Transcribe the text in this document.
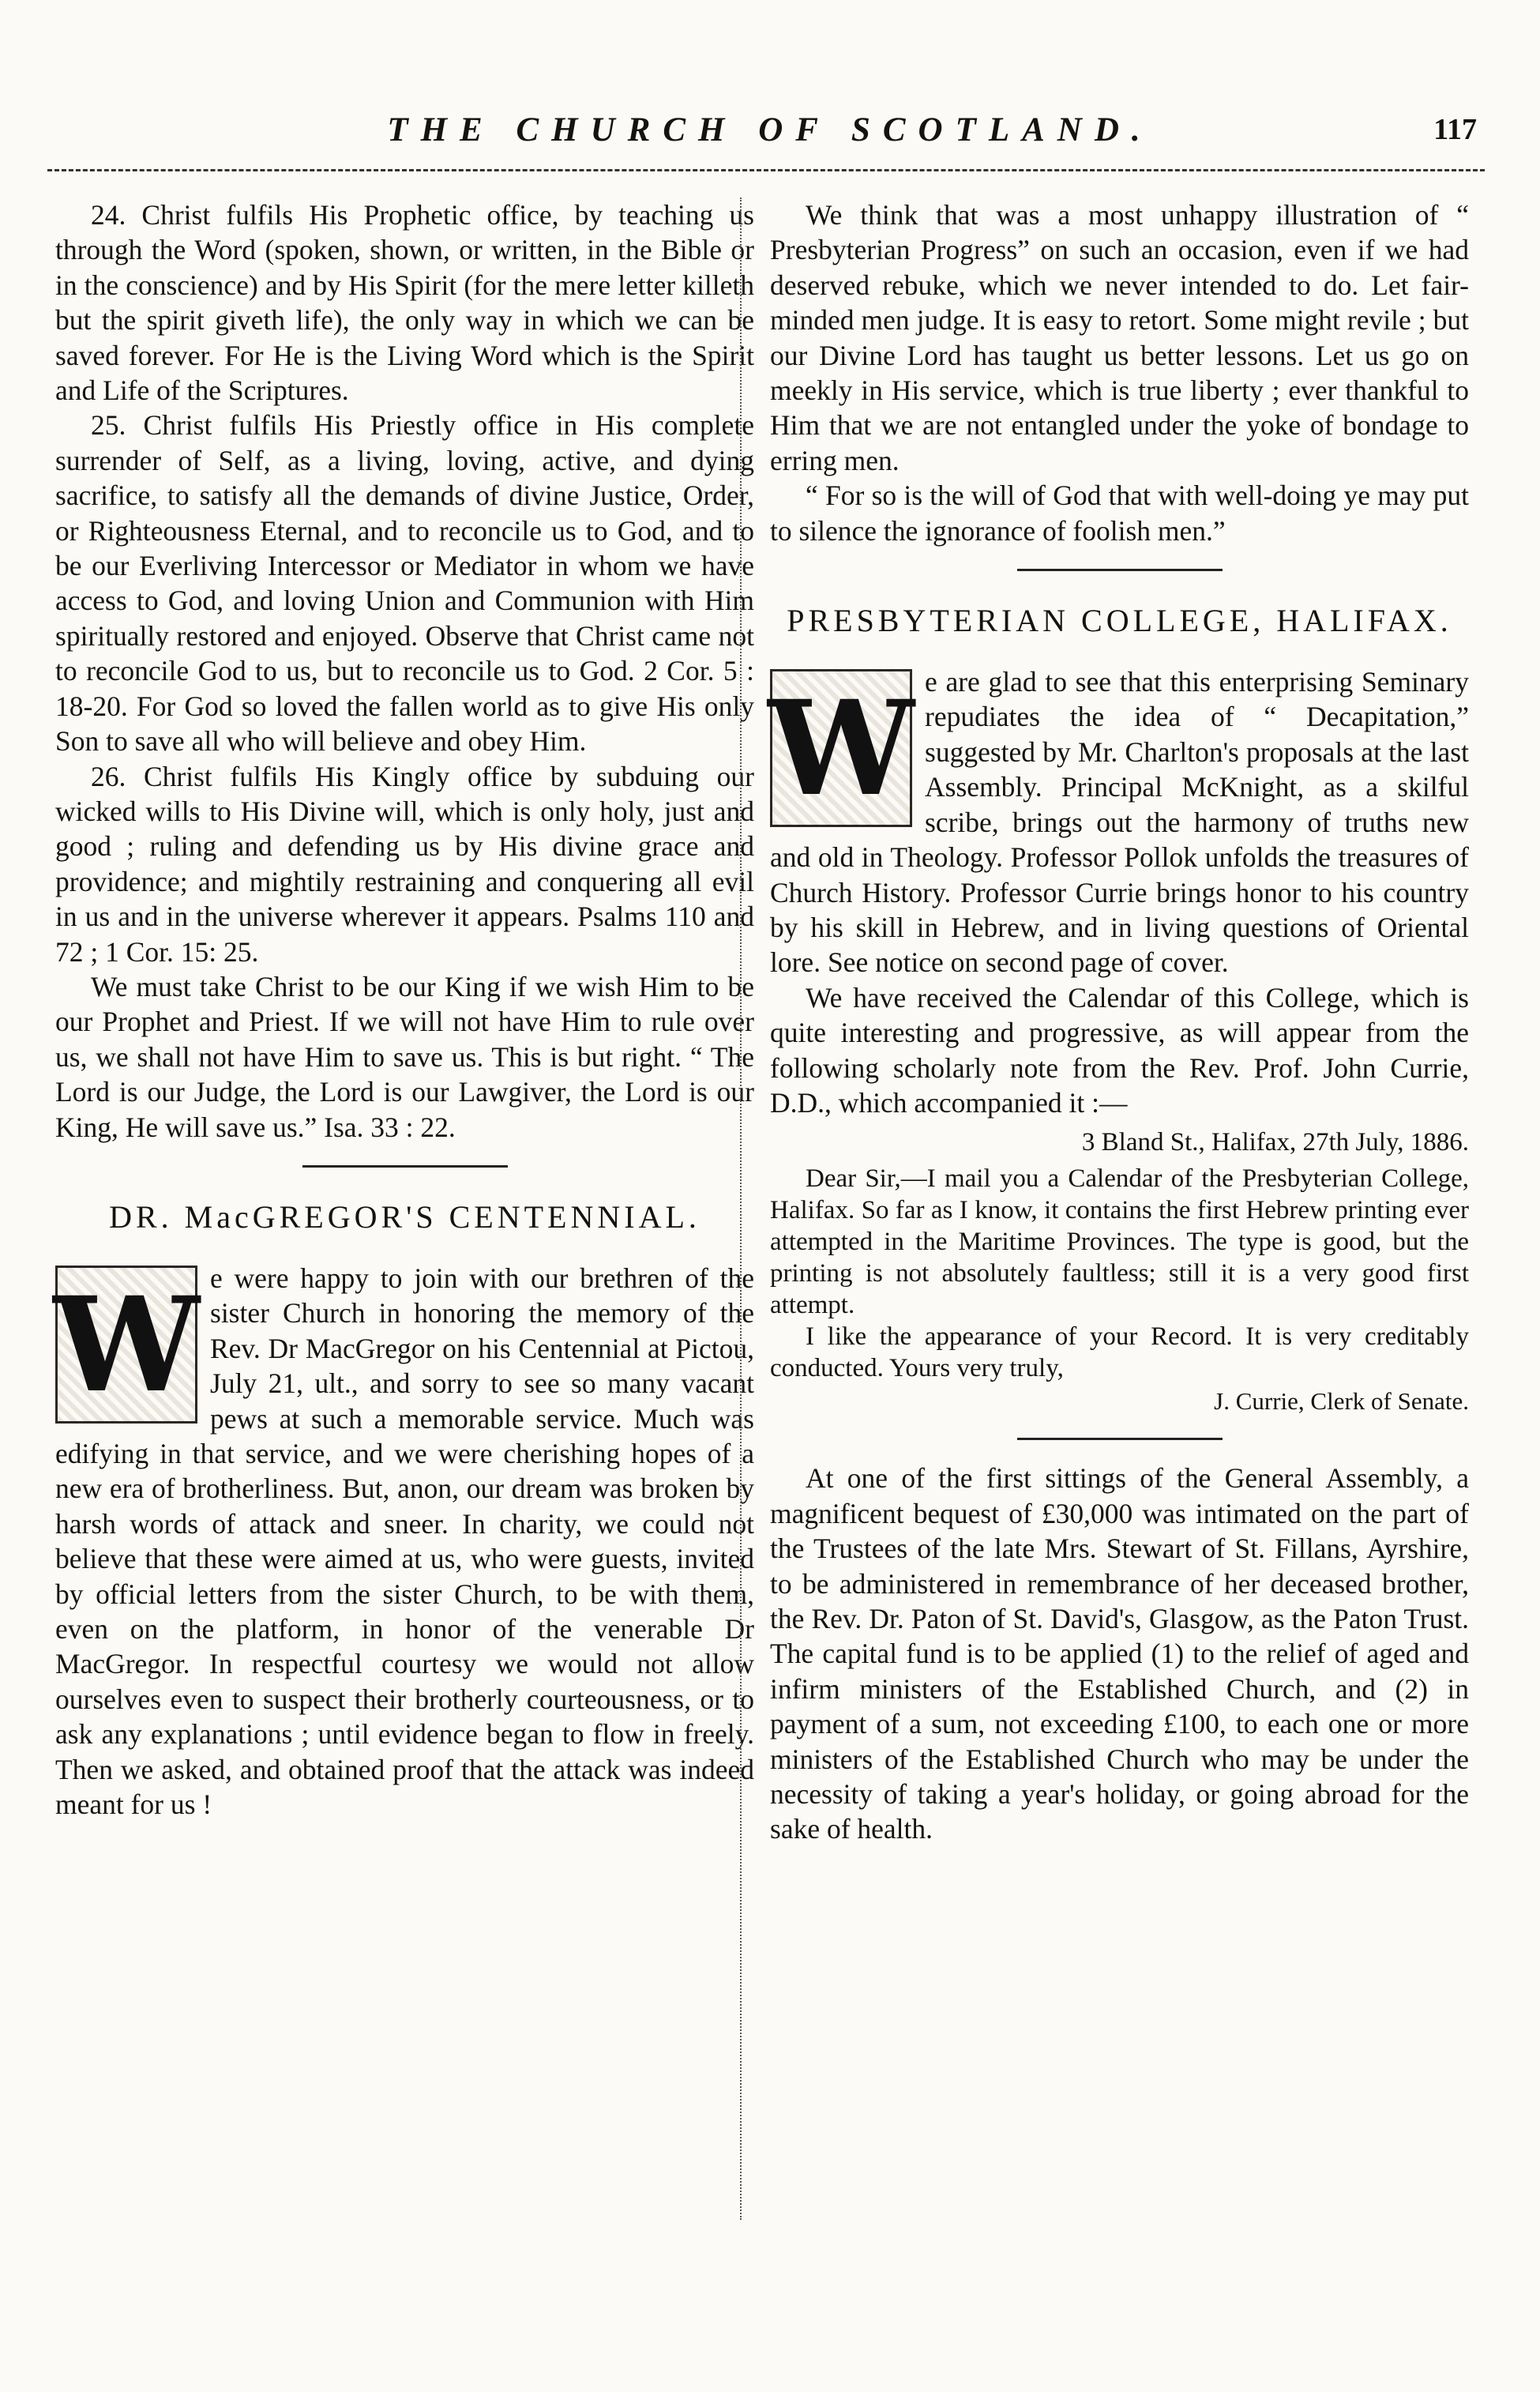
THE CHURCH OF SCOTLAND.	117

24. Christ fulfils His Prophetic office, by teaching us through the Word (spoken, shown, or written, in the Bible or in the conscience) and by His Spirit (for the mere letter killeth but the spirit giveth life), the only way in which we can be saved forever. For He is the Living Word which is the Spirit and Life of the Scriptures.

25. Christ fulfils His Priestly office in His complete surrender of Self, as a living, loving, active, and dying sacrifice, to satisfy all the demands of divine Justice, Order, or Righteousness Eternal, and to reconcile us to God, and to be our Everliving Intercessor or Mediator in whom we have access to God, and loving Union and Communion with Him spiritually restored and enjoyed. Observe that Christ came not to reconcile God to us, but to reconcile us to God. 2 Cor. 5 : 18-20. For God so loved the fallen world as to give His only Son to save all who will believe and obey Him.

26. Christ fulfils His Kingly office by subduing our wicked wills to His Divine will, which is only holy, just and good ; ruling and defending us by His divine grace and providence; and mightily restraining and conquering all evil in us and in the universe wherever it appears. Psalms 110 and 72 ; 1 Cor. 15: 25.

We must take Christ to be our King if we wish Him to be our Prophet and Priest. If we will not have Him to rule over us, we shall not have Him to save us. This is but right. “ The Lord is our Judge, the Lord is our Lawgiver, the Lord is our King, He will save us.” Isa. 33 : 22.

DR. MacGREGOR'S CENTENNIAL.
W e were happy to join with our brethren of the sister Church in honoring the memory of the Rev. Dr MacGregor on his Centennial at Pictou, July 21, ult., and sorry to see so many vacant pews at such a memorable service. Much was edifying in that service, and we were cherishing hopes of a new era of brotherliness. But, anon, our dream was broken by harsh words of attack and sneer. In charity, we could not believe that these were aimed at us, who were guests, invited by official letters from the sister Church, to be with them, even on the platform, in honor of the venerable Dr MacGregor. In respectful courtesy we would not allow ourselves even to suspect their brotherly courteousness, or to ask any explanations ; until evidence began to flow in freely. Then we asked, and obtained proof that the attack was indeed meant for us !

We think that was a most unhappy illustration of “ Presbyterian Progress” on such an occasion, even if we had deserved rebuke, which we never intended to do. Let fair-minded men judge. It is easy to retort. Some might revile ; but our Divine Lord has taught us better lessons. Let us go on meekly in His service, which is true liberty ; ever thankful to Him that we are not entangled under the yoke of bondage to erring men.

“ For so is the will of God that with well-doing ye may put to silence the ignorance of foolish men.”

PRESBYTERIAN COLLEGE, HALIFAX.
W e are glad to see that this enterprising Seminary repudiates the idea of “ Decapitation,” suggested by Mr. Charlton's proposals at the last Assembly. Principal McKnight, as a skilful scribe, brings out the harmony of truths new and old in Theology. Professor Pollok unfolds the treasures of Church History. Professor Currie brings honor to his country by his skill in Hebrew, and in living questions of Oriental lore. See notice on second page of cover.

We have received the Calendar of this College, which is quite interesting and progressive, as will appear from the following scholarly note from the Rev. Prof. John Currie, D.D., which accompanied it :—

3 Bland St., Halifax, 27th July, 1886.

Dear Sir,—I mail you a Calendar of the Presbyterian College, Halifax. So far as I know, it contains the first Hebrew printing ever attempted in the Maritime Provinces. The type is good, but the printing is not absolutely faultless; still it is a very good first attempt.

I like the appearance of your Record. It is very creditably conducted. Yours very truly,

J. Currie, Clerk of Senate.

At one of the first sittings of the General Assembly, a magnificent bequest of £30,000 was intimated on the part of the Trustees of the late Mrs. Stewart of St. Fillans, Ayrshire, to be administered in remembrance of her deceased brother, the Rev. Dr. Paton of St. David's, Glasgow, as the Paton Trust. The capital fund is to be applied (1) to the relief of aged and infirm ministers of the Established Church, and (2) in payment of a sum, not exceeding £100, to each one or more ministers of the Established Church who may be under the necessity of taking a year's holiday, or going abroad for the sake of health.
